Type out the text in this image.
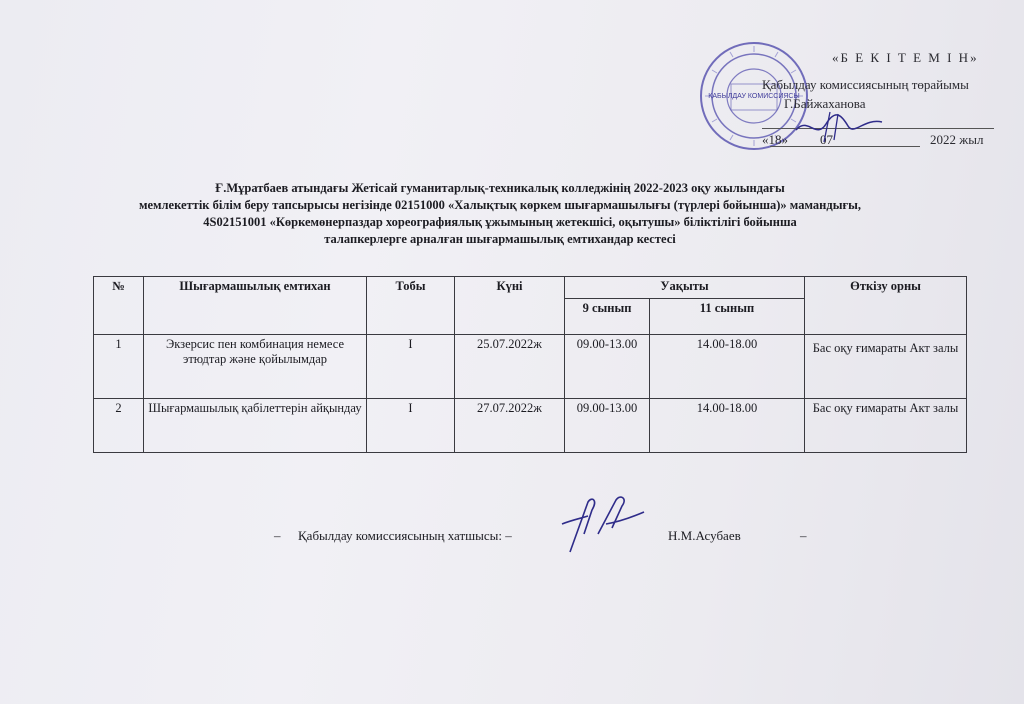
ҚАБЫЛДАУ КОМИССИЯСЫ
«Б Е К І Т Е М І Н»
Қабылдау комиссиясының төрайымы
Г.Байжаханова
«18» 07	2022 жыл
Ғ.Мұратбаев атындағы Жетісай гуманитарлық-техникалық колледжінің 2022-2023 оқу жылындағы
мемлекеттік білім беру тапсырысы негізінде 02151000 «Халықтық көркем шығармашылығы (түрлері бойынша)» мамандығы,
4S02151001 «Көркемөнерпаздар хореографиялық ұжымының жетекшісі, оқытушы» біліктілігі бойынша
талапкерлерге арналған шығармашылық емтихандар кестесі
№	Шығармашылық емтихан	Тобы	Күні	Уақыты		Өткізу орны
				9 сынып	11 сынып	
1	Экзерсис пен комбинация немесе этюдтар және қойылымдар	I	25.07.2022ж	09.00-13.00	14.00-18.00	Бас оқу ғимараты Акт залы
2	Шығармашылық қабілеттерін айқындау	I	27.07.2022ж	09.00-13.00	14.00-18.00	Бас оқу ғимараты Акт залы
– Қабылдау комиссиясының хатшысы: –	Н.М.Асубаев	–
